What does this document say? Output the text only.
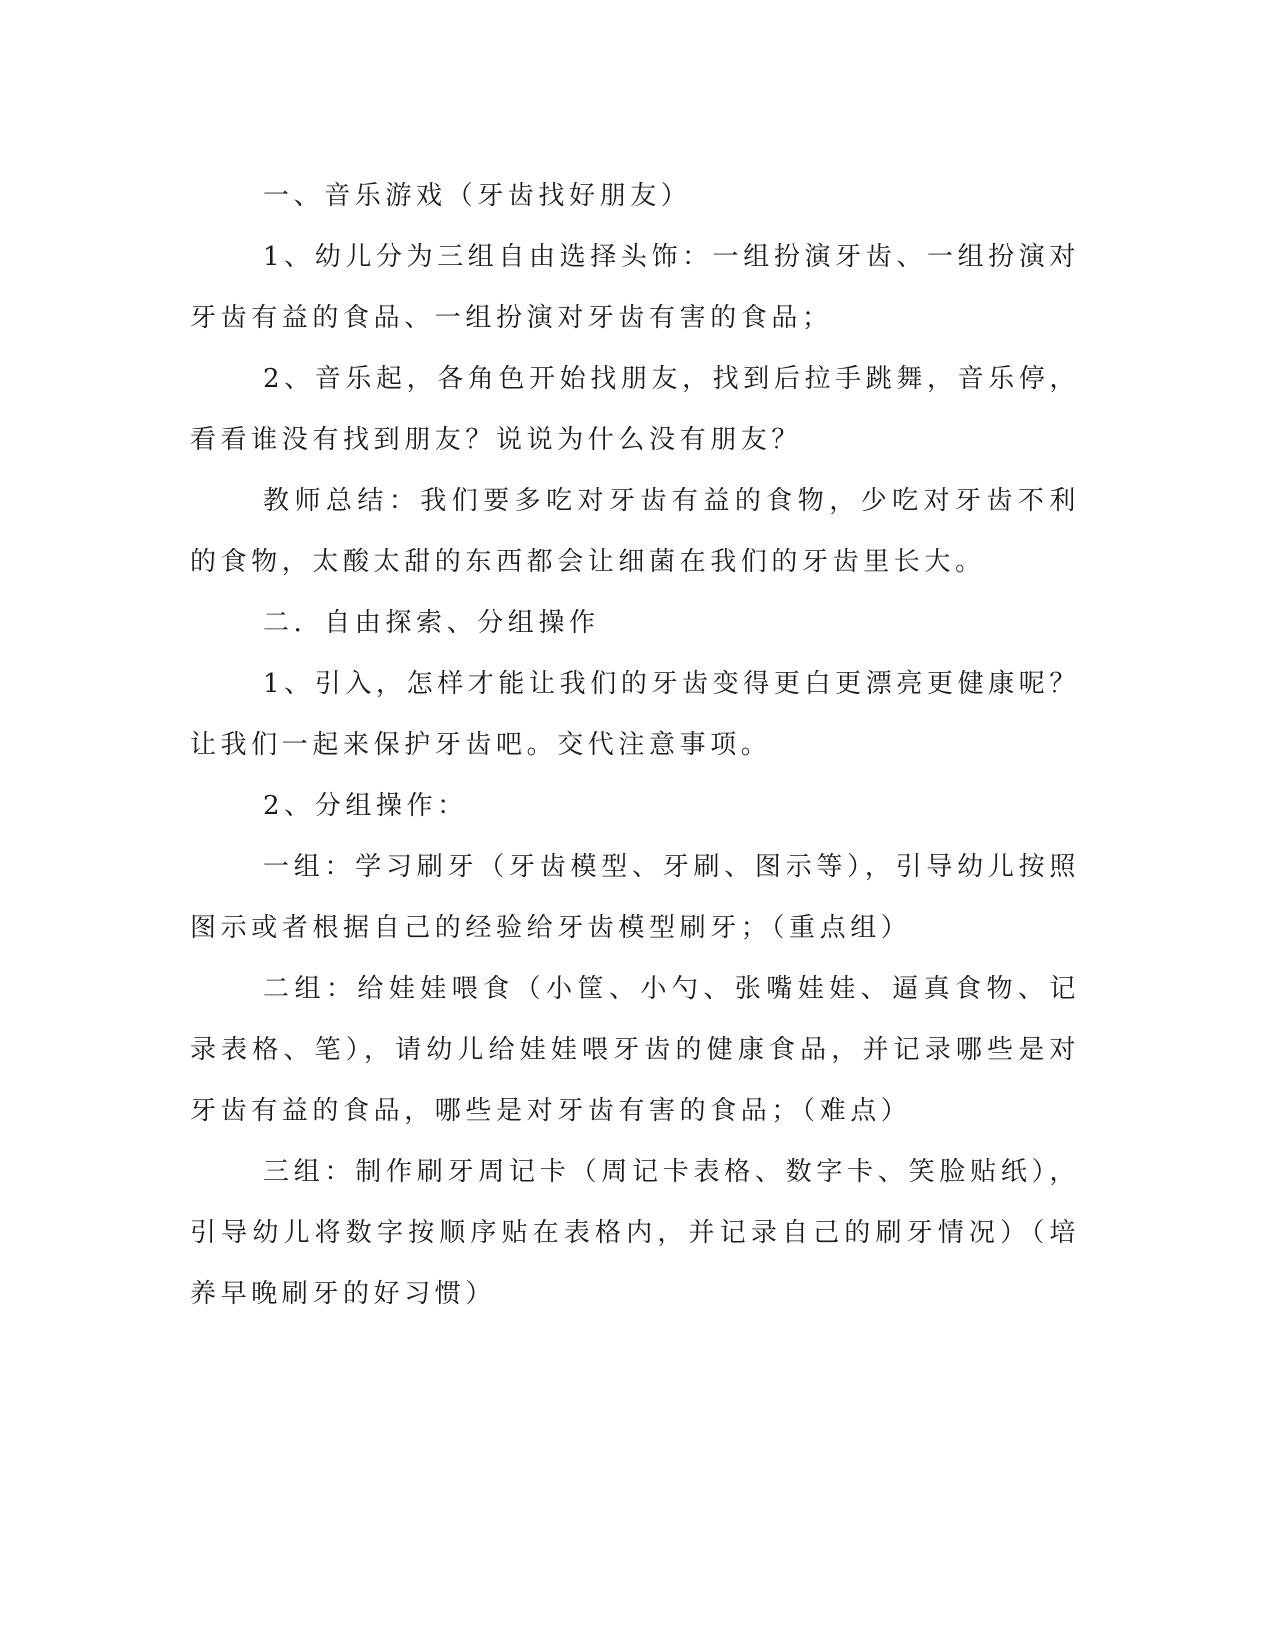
一、音乐游戏（牙齿找好朋友）

1、幼儿分为三组自由选择头饰：一组扮演牙齿、一组扮演对牙齿有益的食品、一组扮演对牙齿有害的食品；

2、音乐起，各角色开始找朋友，找到后拉手跳舞，音乐停，看看谁没有找到朋友？说说为什么没有朋友？

教师总结：我们要多吃对牙齿有益的食物，少吃对牙齿不利的食物，太酸太甜的东西都会让细菌在我们的牙齿里长大。

二．自由探索、分组操作

1、引入，怎样才能让我们的牙齿变得更白更漂亮更健康呢？让我们一起来保护牙齿吧。交代注意事项。

2、分组操作：

一组：学习刷牙（牙齿模型、牙刷、图示等），引导幼儿按照图示或者根据自己的经验给牙齿模型刷牙；（重点组）

二组：给娃娃喂食（小筐、小勺、张嘴娃娃、逼真食物、记录表格、笔），请幼儿给娃娃喂牙齿的健康食品，并记录哪些是对牙齿有益的食品，哪些是对牙齿有害的食品；（难点）

三组：制作刷牙周记卡（周记卡表格、数字卡、笑脸贴纸），引导幼儿将数字按顺序贴在表格内，并记录自己的刷牙情况）（培养早晚刷牙的好习惯）
